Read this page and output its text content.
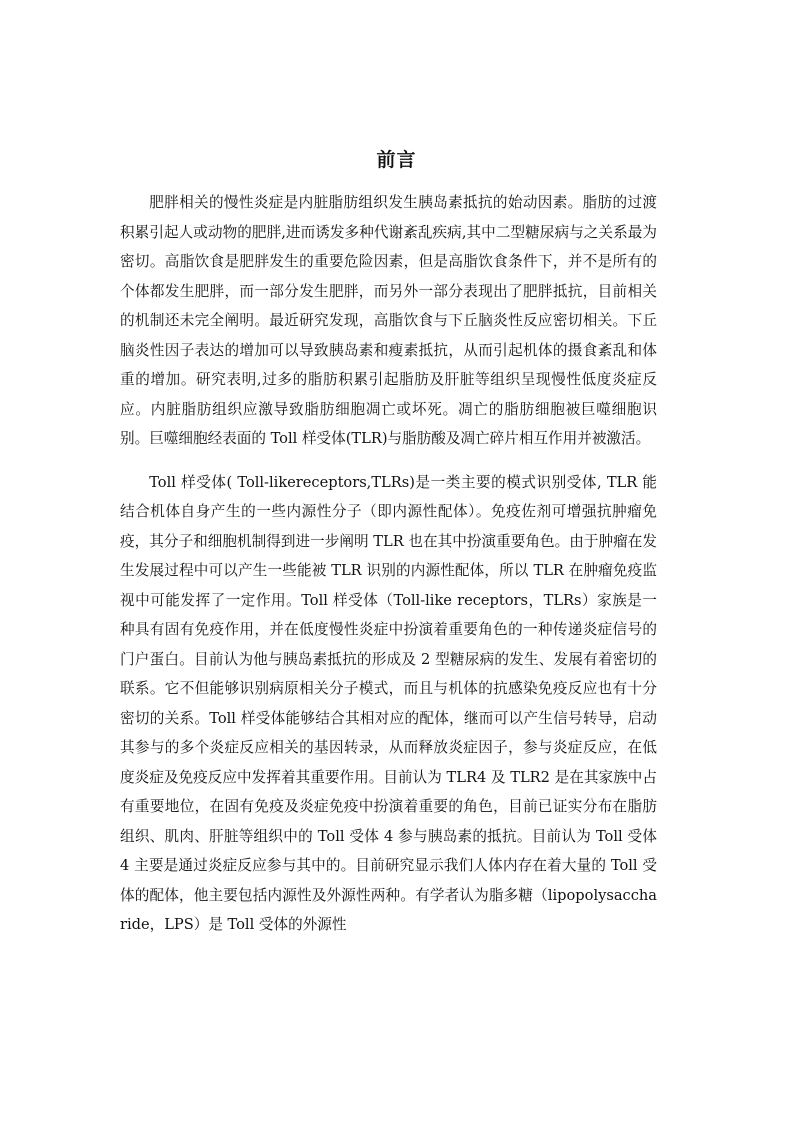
前言

肥胖相关的慢性炎症是内脏脂肪组织发生胰岛素抵抗的始动因素。脂肪的过渡积累引起人或动物的肥胖,进而诱发多种代谢紊乱疾病,其中二型糖尿病与之关系最为密切。高脂饮食是肥胖发生的重要危险因素，但是高脂饮食条件下，并不是所有的个体都发生肥胖，而一部分发生肥胖，而另外一部分表现出了肥胖抵抗，目前相关的机制还未完全阐明。最近研究发现，高脂饮食与下丘脑炎性反应密切相关。下丘脑炎性因子表达的增加可以导致胰岛素和瘦素抵抗，从而引起机体的摄食紊乱和体重的增加。研究表明,过多的脂肪积累引起脂肪及肝脏等组织呈现慢性低度炎症反应。内脏脂肪组织应激导致脂肪细胞凋亡或坏死。凋亡的脂肪细胞被巨噬细胞识别。巨噬细胞经表面的 Toll 样受体(TLR)与脂肪酸及凋亡碎片相互作用并被激活。

Toll 样受体( Toll-likereceptors,TLRs)是一类主要的模式识别受体, TLR 能结合机体自身产生的一些内源性分子（即内源性配体）。免疫佐剂可增强抗肿瘤免疫，其分子和细胞机制得到进一步阐明 TLR 也在其中扮演重要角色。由于肿瘤在发生发展过程中可以产生一些能被 TLR 识别的内源性配体，所以 TLR 在肿瘤免疫监视中可能发挥了一定作用。Toll 样受体（Toll-like receptors，TLRs）家族是一种具有固有免疫作用，并在低度慢性炎症中扮演着重要角色的一种传递炎症信号的门户蛋白。目前认为他与胰岛素抵抗的形成及 2 型糖尿病的发生、发展有着密切的联系。它不但能够识别病原相关分子模式，而且与机体的抗感染免疫反应也有十分密切的关系。Toll 样受体能够结合其相对应的配体，继而可以产生信号转导，启动其参与的多个炎症反应相关的基因转录，从而释放炎症因子，参与炎症反应，在低度炎症及免疫反应中发挥着其重要作用。目前认为 TLR4 及 TLR2 是在其家族中占有重要地位，在固有免疫及炎症免疫中扮演着重要的角色，目前已证实分布在脂肪组织、肌肉、肝脏等组织中的 Toll 受体 4 参与胰岛素的抵抗。目前认为 Toll 受体 4 主要是通过炎症反应参与其中的。目前研究显示我们人体内存在着大量的 Toll 受体的配体，他主要包括内源性及外源性两种。有学者认为脂多糖（lipopolysaccharide，LPS）是 Toll 受体的外源性
